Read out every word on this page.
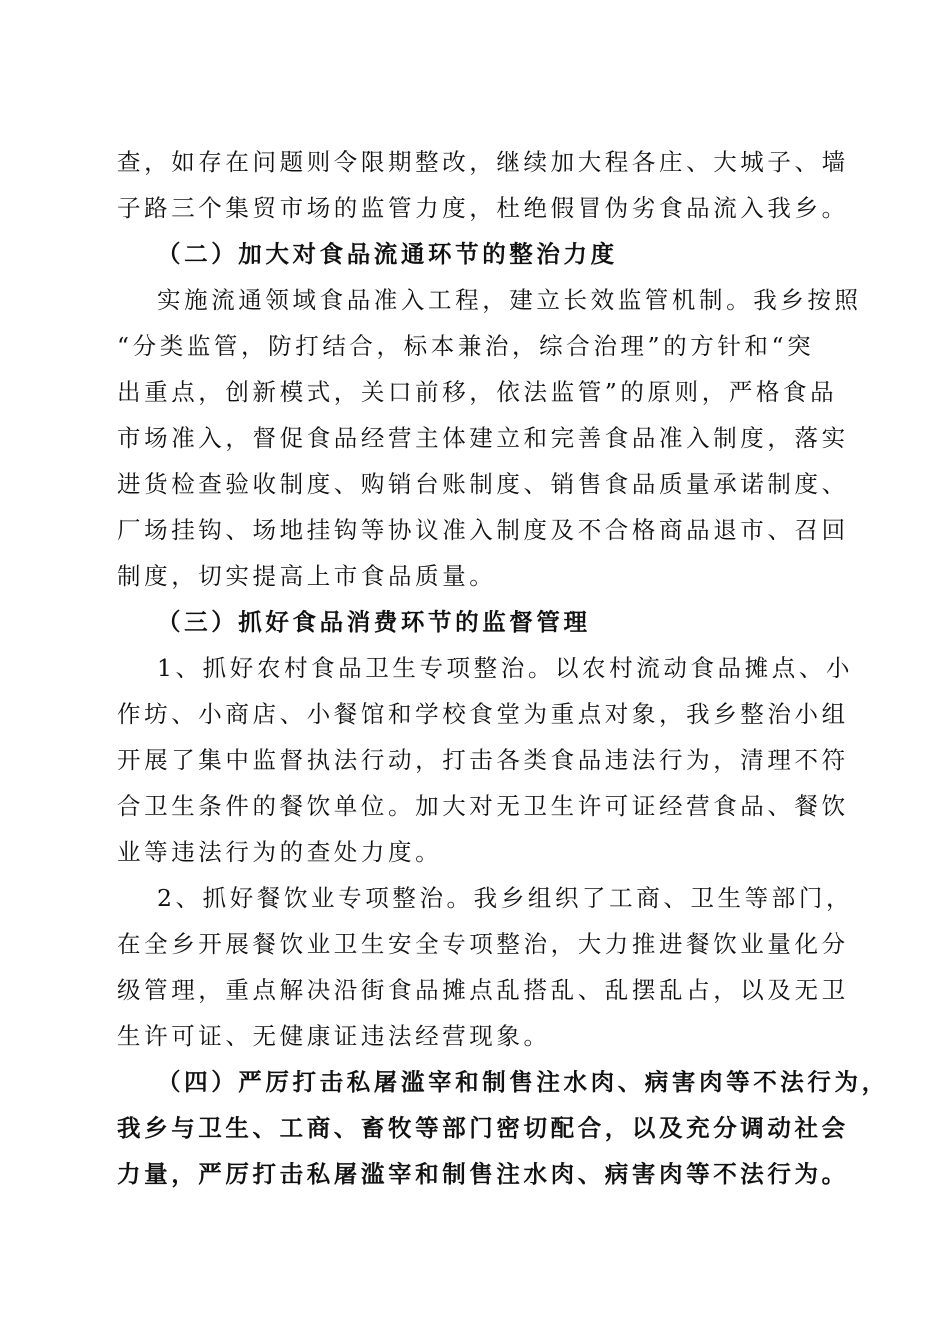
查，如存在问题则令限期整改，继续加大程各庄、大城子、墙

子路三个集贸市场的监管力度，杜绝假冒伪劣食品流入我乡。

（二）加大对食品流通环节的整治力度

实施流通领域食品准入工程，建立长效监管机制。我乡按照

“分类监管，防打结合，标本兼治，综合治理”的方针和“突

出重点，创新模式，关口前移，依法监管”的原则，严格食品

市场准入，督促食品经营主体建立和完善食品准入制度，落实

进货检查验收制度、购销台账制度、销售食品质量承诺制度、

厂场挂钩、场地挂钩等协议准入制度及不合格商品退市、召回

制度，切实提高上市食品质量。

（三）抓好食品消费环节的监督管理

1、抓好农村食品卫生专项整治。以农村流动食品摊点、小

作坊、小商店、小餐馆和学校食堂为重点对象，我乡整治小组

开展了集中监督执法行动，打击各类食品违法行为，清理不符

合卫生条件的餐饮单位。加大对无卫生许可证经营食品、餐饮

业等违法行为的查处力度。

2、抓好餐饮业专项整治。我乡组织了工商、卫生等部门，

在全乡开展餐饮业卫生安全专项整治，大力推进餐饮业量化分

级管理，重点解决沿街食品摊点乱搭乱、乱摆乱占，以及无卫

生许可证、无健康证违法经营现象。

（四）严厉打击私屠滥宰和制售注水肉、病害肉等不法行为，

我乡与卫生、工商、畜牧等部门密切配合，以及充分调动社会

力量，严厉打击私屠滥宰和制售注水肉、病害肉等不法行为。
